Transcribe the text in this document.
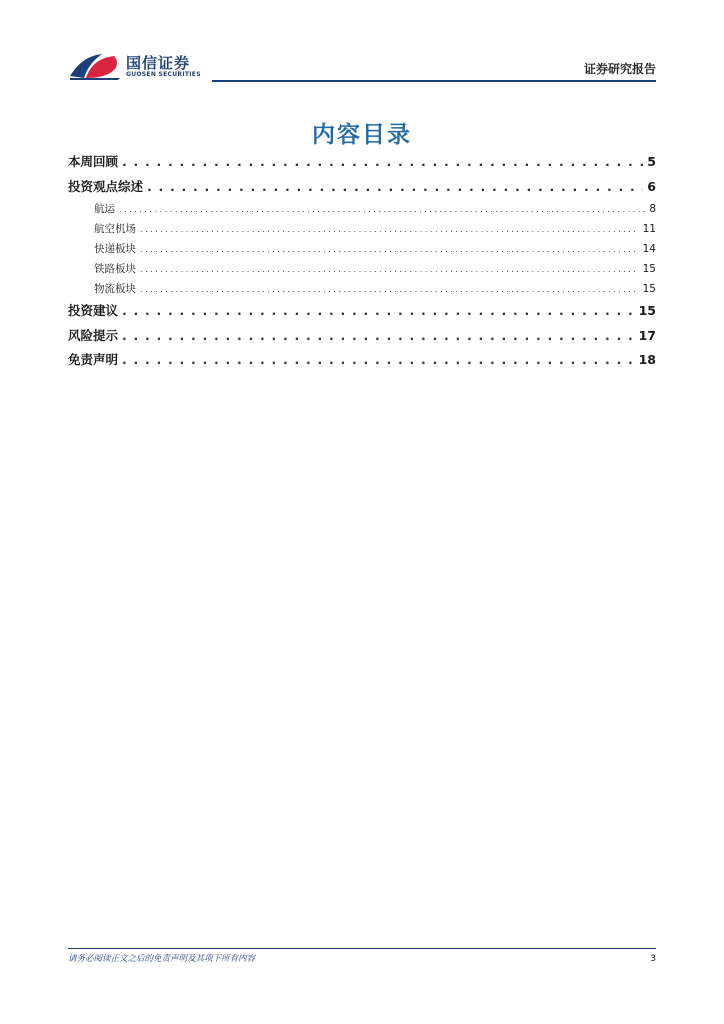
国信证券
GUOSEN SECURITIES	证券研究报告
内容目录
本周回顾 . . .	5
投资观点综述 . . .	6
航运 . . .	8
航空机场 . . .	11
快递板块 . . .	14
铁路板块 . . .	15
物流板块 . . .	15
投资建议 . . .	15
风险提示 . . .	17
免责声明 . . .	18
请务必阅读正文之后的免责声明及其项下所有内容	3
